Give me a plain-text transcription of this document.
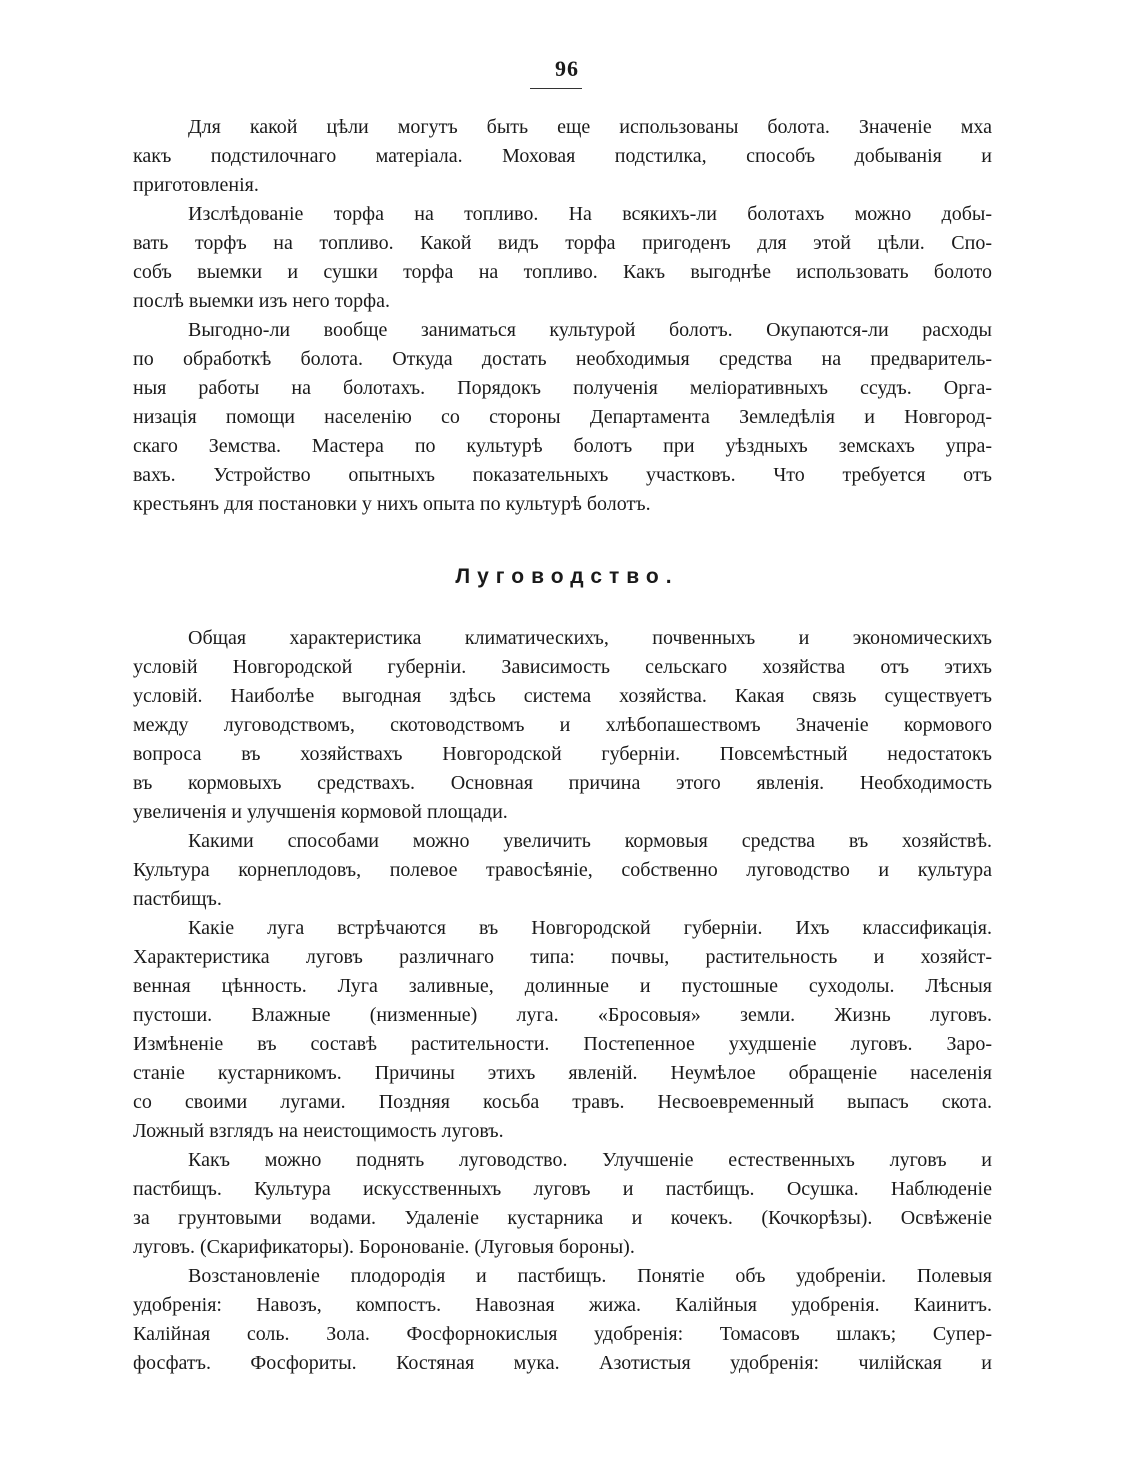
96
Для какой цѣли могутъ быть еще использованы болота. Значеніе мха
какъ подстилочнаго матеріала. Моховая подстилка, способъ добыванія и
приготовленія.
Изслѣдованіе торфа на топливо. На всякихъ-ли болотахъ можно добы-
вать торфъ на топливо. Какой видъ торфа пригоденъ для этой цѣли. Спо-
собъ выемки и сушки торфа на топливо. Какъ выгоднѣе использовать болото
послѣ выемки изъ него торфа.
Выгодно-ли вообще заниматься культурой болотъ. Окупаются-ли расходы
по обработкѣ болота. Откуда достать необходимыя средства на предваритель-
ныя работы на болотахъ. Порядокъ полученія меліоративныхъ ссудъ. Орга-
низація помощи населенію со стороны Департамента Земледѣлія и Новгород-
скаго Земства. Мастера по культурѣ болотъ при уѣздныхъ земскахъ упра-
вахъ. Устройство опытныхъ показательныхъ участковъ. Что требуется отъ
крестьянъ для постановки у нихъ опыта по культурѣ болотъ.
Луговодство.
Общая характеристика климатическихъ, почвенныхъ и экономическихъ
условій Новгородской губерніи. Зависимость сельскаго хозяйства отъ этихъ
условій. Наиболѣе выгодная здѣсь система хозяйства. Какая связь существуетъ
между луговодствомъ, скотоводствомъ и хлѣбопашествомъ Значеніе кормового
вопроса въ хозяйствахъ Новгородской губерніи. Повсемѣстный недостатокъ
въ кормовыхъ средствахъ. Основная причина этого явленія. Необходимость
увеличенія и улучшенія кормовой площади.
Какими способами можно увеличить кормовыя средства въ хозяйствѣ.
Культура корнеплодовъ, полевое травосѣяніе, собственно луговодство и культура
пастбищъ.
Какіе луга встрѣчаются въ Новгородской губерніи. Ихъ классификація.
Характеристика луговъ различнаго типа: почвы, растительность и хозяйст-
венная цѣнность. Луга заливные, долинные и пустошные суходолы. Лѣсныя
пустоши. Влажные (низменные) луга. «Бросовыя» земли. Жизнь луговъ.
Измѣненіе въ составѣ растительности. Постепенное ухудшеніе луговъ. Заро-
станіе кустарникомъ. Причины этихъ явленій. Неумѣлое обращеніе населенія
со своими лугами. Поздняя косьба травъ. Несвоевременный выпасъ скота.
Ложный взглядъ на неистощимость луговъ.
Какъ можно поднять луговодство. Улучшеніе естественныхъ луговъ и
пастбищъ. Культура искусственныхъ луговъ и пастбищъ. Осушка. Наблюденіе
за грунтовыми водами. Удаленіе кустарника и кочекъ. (Кочкорѣзы). Освѣженіе
луговъ. (Скарификаторы). Боронованіе. (Луговыя бороны).
Возстановленіе плодородія и пастбищъ. Понятіе объ удобреніи. Полевыя
удобренія: Навозъ, компостъ. Навозная жижа. Калійныя удобренія. Каинитъ.
Калійная соль. Зола. Фосфорнокислыя удобренія: Томасовъ шлакъ; Супер-
фосфатъ. Фосфориты. Костяная мука. Азотистыя удобренія: чилійская и
